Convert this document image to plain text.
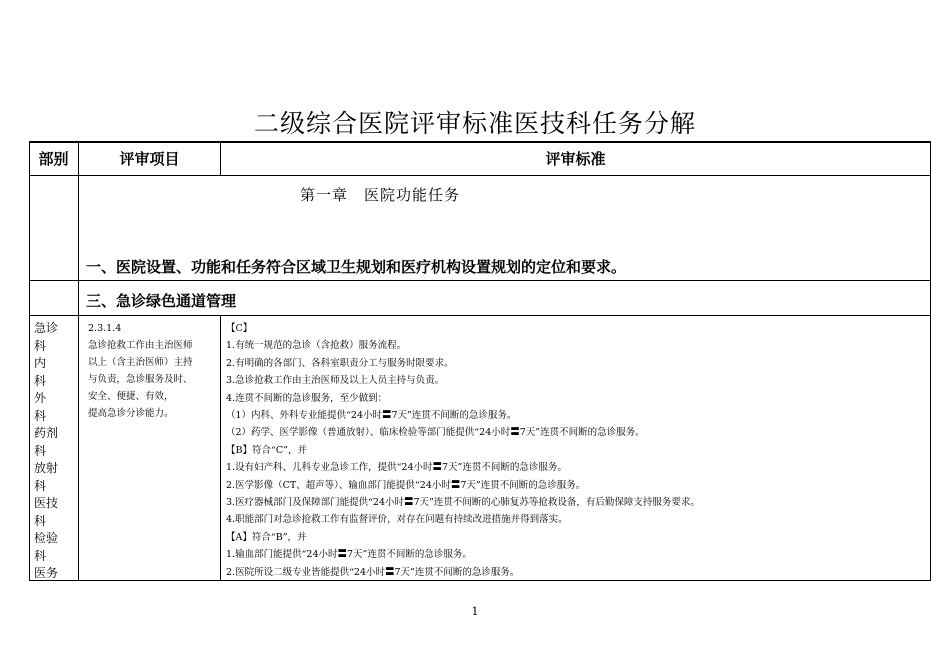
二级综合医院评审标准医技科任务分解
部别	评审项目	评审标准
第一章　医院功能任务
一、医院设置、功能和任务符合区域卫生规划和医疗机构设置规划的定位和要求。
三、急诊绿色通道管理
急诊
科
内
科
外
科
药剂
科
放射
科
医技
科
检验
科
医务
2.3.1.4
急诊抢救工作由主治医师
以上（含主治医师）主持
与负责，急诊服务及时、
安全、便捷、有效，
提高急诊分诊能力。
【C】
1.有统一规范的急诊（含抢救）服务流程。
2.有明确的各部门、各科室职责分工与服务时限要求。
3.急诊抢救工作由主治医师及以上人员主持与负责。
4.连贯不间断的急诊服务，至少做到：
（1）内科、外科专业能提供“24小时〓7天”连贯不间断的急诊服务。
（2）药学、医学影像（普通放射）、临床检验等部门能提供“24小时〓7天”连贯不间断的急诊服务。
【B】符合“C”，并
1.设有妇产科、儿科专业急诊工作，提供“24小时〓7天”连贯不间断的急诊服务。
2.医学影像（CT、超声等）、输血部门能提供“24小时〓7天”连贯不间断的急诊服务。
3.医疗器械部门及保障部门能提供“24小时〓7天”连贯不间断的心肺复苏等抢救设备，有后勤保障支持服务要求。
4.职能部门对急诊抢救工作有监督评价，对存在问题有持续改进措施并得到落实。
【A】符合“B”，并
1.输血部门能提供“24小时〓7天”连贯不间断的急诊服务。
2.医院所设二级专业皆能提供“24小时〓7天”连贯不间断的急诊服务。
1
